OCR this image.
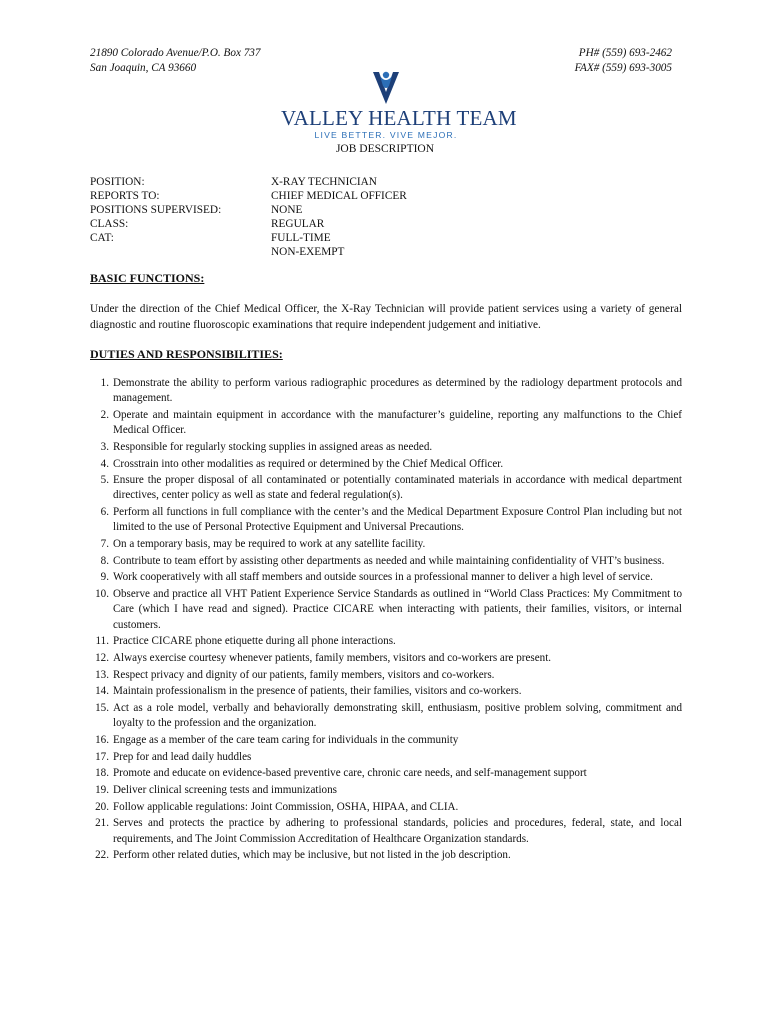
21890 Colorado Avenue/P.O. Box 737
San Joaquin, CA 93660
PH# (559) 693-2462
FAX# (559) 693-3005
VALLEY HEALTH TEAM
LIVE BETTER. VIVE MEJOR.
JOB DESCRIPTION
POSITION:
REPORTS TO:
POSITIONS SUPERVISED:
CLASS:
CAT:
X-RAY TECHNICIAN
CHIEF MEDICAL OFFICER
NONE
REGULAR
FULL-TIME
NON-EXEMPT
BASIC FUNCTIONS:
Under the direction of the Chief Medical Officer, the X-Ray Technician will provide patient services using a variety of general diagnostic and routine fluoroscopic examinations that require independent judgement and initiative.
DUTIES AND RESPONSIBILITIES:
1. Demonstrate the ability to perform various radiographic procedures as determined by the radiology department protocols and management.
2. Operate and maintain equipment in accordance with the manufacturer’s guideline, reporting any malfunctions to the Chief Medical Officer.
3. Responsible for regularly stocking supplies in assigned areas as needed.
4. Crosstrain into other modalities as required or determined by the Chief Medical Officer.
5. Ensure the proper disposal of all contaminated or potentially contaminated materials in accordance with medical department directives, center policy as well as state and federal regulation(s).
6. Perform all functions in full compliance with the center’s and the Medical Department Exposure Control Plan including but not limited to the use of Personal Protective Equipment and Universal Precautions.
7. On a temporary basis, may be required to work at any satellite facility.
8. Contribute to team effort by assisting other departments as needed and while maintaining confidentiality of VHT’s business.
9. Work cooperatively with all staff members and outside sources in a professional manner to deliver a high level of service.
10. Observe and practice all VHT Patient Experience Service Standards as outlined in “World Class Practices: My Commitment to Care (which I have read and signed). Practice CICARE when interacting with patients, their families, visitors, or internal customers.
11. Practice CICARE phone etiquette during all phone interactions.
12. Always exercise courtesy whenever patients, family members, visitors and co-workers are present.
13. Respect privacy and dignity of our patients, family members, visitors and co-workers.
14. Maintain professionalism in the presence of patients, their families, visitors and co-workers.
15. Act as a role model, verbally and behaviorally demonstrating skill, enthusiasm, positive problem solving, commitment and loyalty to the profession and the organization.
16. Engage as a member of the care team caring for individuals in the community
17. Prep for and lead daily huddles
18. Promote and educate on evidence-based preventive care, chronic care needs, and self-management support
19. Deliver clinical screening tests and immunizations
20. Follow applicable regulations: Joint Commission, OSHA, HIPAA, and CLIA.
21. Serves and protects the practice by adhering to professional standards, policies and procedures, federal, state, and local requirements, and The Joint Commission Accreditation of Healthcare Organization standards.
22. Perform other related duties, which may be inclusive, but not listed in the job description.
